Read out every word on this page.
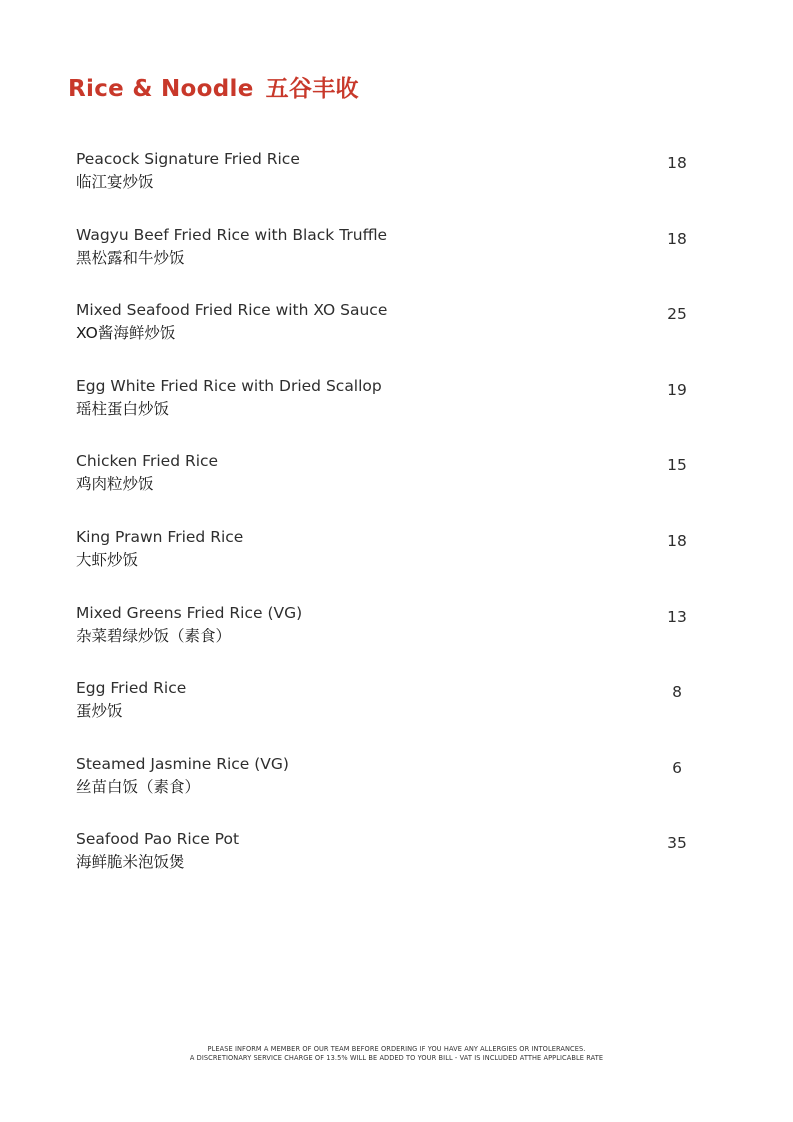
Rice & Noodle 五谷丰收
Peacock Signature Fried Rice
临江宴炒饭
18
Wagyu Beef Fried Rice with Black Truffle
黑松露和牛炒饭
18
Mixed Seafood Fried Rice with XO Sauce
XO酱海鲜炒饭
25
Egg White Fried Rice with Dried Scallop
瑶柱蛋白炒饭
19
Chicken Fried Rice
鸡肉粒炒饭
15
King Prawn Fried Rice
大虾炒饭
18
Mixed Greens Fried Rice (VG)
杂菜碧绿炒饭（素食）
13
Egg Fried Rice
蛋炒饭
8
Steamed Jasmine Rice (VG)
丝苗白饭（素食）
6
Seafood Pao Rice Pot
海鲜脆米泡饭煲
35
PLEASE INFORM A MEMBER OF OUR TEAM BEFORE ORDERING IF YOU HAVE ANY ALLERGIES OR INTOLERANCES.
A DISCRETIONARY SERVICE CHARGE OF 13.5% WILL BE ADDED TO YOUR BILL - VAT IS INCLUDED ATTHE APPLICABLE RATE
